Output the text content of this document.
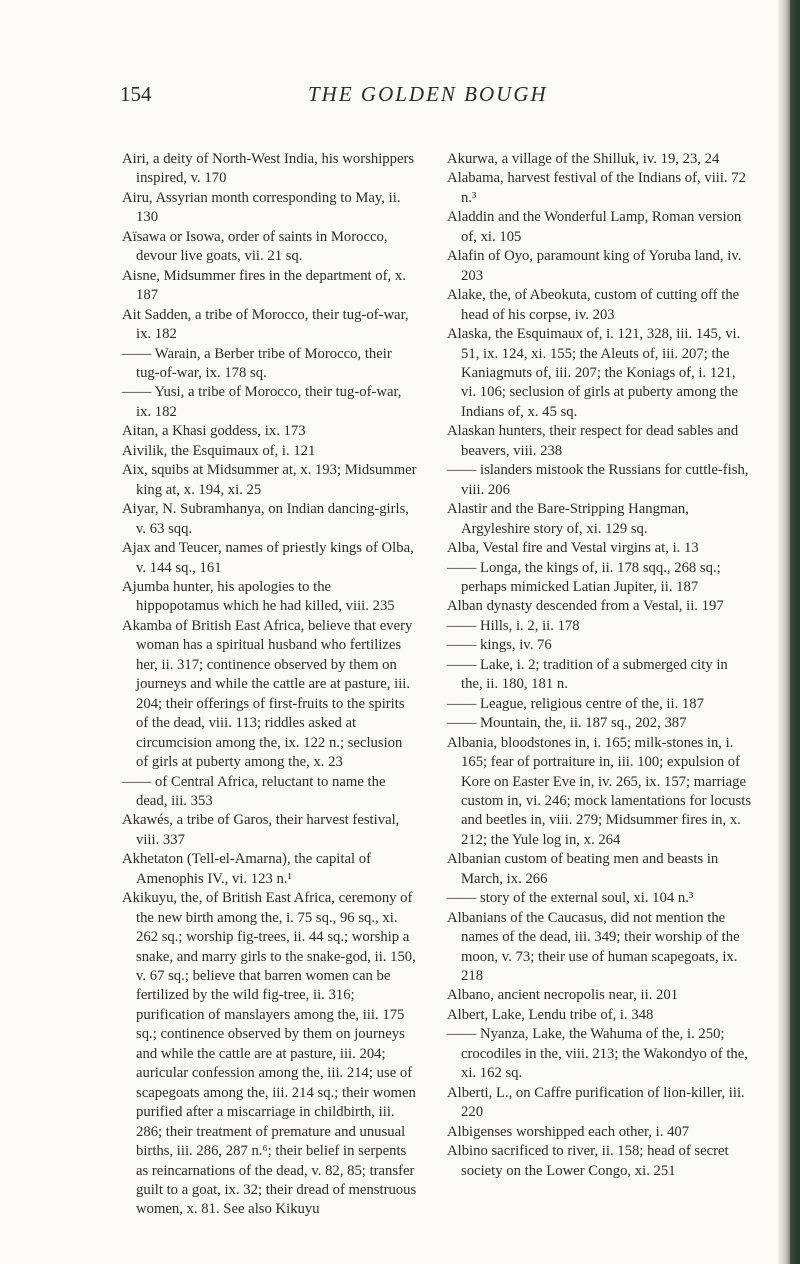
154	THE GOLDEN BOUGH

Airi, a deity of North-West India, his worshippers inspired, v. 170

Airu, Assyrian month corresponding to May, ii. 130

Aïsawa or Isowa, order of saints in Morocco, devour live goats, vii. 21 sq.

Aisne, Midsummer fires in the department of, x. 187

Ait Sadden, a tribe of Morocco, their tug-of-war, ix. 182

—— Warain, a Berber tribe of Morocco, their tug-of-war, ix. 178 sq.

—— Yusi, a tribe of Morocco, their tug-of-war, ix. 182

Aitan, a Khasi goddess, ix. 173

Aivilik, the Esquimaux of, i. 121

Aix, squibs at Midsummer at, x. 193; Midsummer king at, x. 194, xi. 25

Aiyar, N. Subramhanya, on Indian dancing-girls, v. 63 sqq.

Ajax and Teucer, names of priestly kings of Olba, v. 144 sq., 161

Ajumba hunter, his apologies to the hippopotamus which he had killed, viii. 235

Akamba of British East Africa, believe that every woman has a spiritual husband who fertilizes her, ii. 317; continence observed by them on journeys and while the cattle are at pasture, iii. 204; their offerings of first-fruits to the spirits of the dead, viii. 113; riddles asked at circumcision among the, ix. 122 n.; seclusion of girls at puberty among the, x. 23

—— of Central Africa, reluctant to name the dead, iii. 353

Akawés, a tribe of Garos, their harvest festival, viii. 337

Akhetaton (Tell-el-Amarna), the capital of Amenophis IV., vi. 123 n.¹

Akikuyu, the, of British East Africa, ceremony of the new birth among the, i. 75 sq., 96 sq., xi. 262 sq.; worship fig-trees, ii. 44 sq.; worship a snake, and marry girls to the snake-god, ii. 150, v. 67 sq.; believe that barren women can be fertilized by the wild fig-tree, ii. 316; purification of manslayers among the, iii. 175 sq.; continence observed by them on journeys and while the cattle are at pasture, iii. 204; auricular confession among the, iii. 214; use of scapegoats among the, iii. 214 sq.; their women purified after a miscarriage in childbirth, iii. 286; their treatment of premature and unusual births, iii. 286, 287 n.⁶; their belief in serpents as reincarnations of the dead, v. 82, 85; transfer guilt to a goat, ix. 32; their dread of menstruous women, x. 81. See also Kikuyu

Akurwa, a village of the Shilluk, iv. 19, 23, 24

Alabama, harvest festival of the Indians of, viii. 72 n.³

Aladdin and the Wonderful Lamp, Roman version of, xi. 105

Alafin of Oyo, paramount king of Yoruba land, iv. 203

Alake, the, of Abeokuta, custom of cutting off the head of his corpse, iv. 203

Alaska, the Esquimaux of, i. 121, 328, iii. 145, vi. 51, ix. 124, xi. 155; the Aleuts of, iii. 207; the Kaniagmuts of, iii. 207; the Koniags of, i. 121, vi. 106; seclusion of girls at puberty among the Indians of, x. 45 sq.

Alaskan hunters, their respect for dead sables and beavers, viii. 238

—— islanders mistook the Russians for cuttle-fish, viii. 206

Alastir and the Bare-Stripping Hangman, Argyleshire story of, xi. 129 sq.

Alba, Vestal fire and Vestal virgins at, i. 13

—— Longa, the kings of, ii. 178 sqq., 268 sq.; perhaps mimicked Latian Jupiter, ii. 187

Alban dynasty descended from a Vestal, ii. 197

—— Hills, i. 2, ii. 178

—— kings, iv. 76

—— Lake, i. 2; tradition of a submerged city in the, ii. 180, 181 n.

—— League, religious centre of the, ii. 187

—— Mountain, the, ii. 187 sq., 202, 387

Albania, bloodstones in, i. 165; milk-stones in, i. 165; fear of portraiture in, iii. 100; expulsion of Kore on Easter Eve in, iv. 265, ix. 157; marriage custom in, vi. 246; mock lamentations for locusts and beetles in, viii. 279; Midsummer fires in, x. 212; the Yule log in, x. 264

Albanian custom of beating men and beasts in March, ix. 266

—— story of the external soul, xi. 104 n.³

Albanians of the Caucasus, did not mention the names of the dead, iii. 349; their worship of the moon, v. 73; their use of human scapegoats, ix. 218

Albano, ancient necropolis near, ii. 201

Albert, Lake, Lendu tribe of, i. 348

—— Nyanza, Lake, the Wahuma of the, i. 250; crocodiles in the, viii. 213; the Wakondyo of the, xi. 162 sq.

Alberti, L., on Caffre purification of lion-killer, iii. 220

Albigenses worshipped each other, i. 407

Albino sacrificed to river, ii. 158; head of secret society on the Lower Congo, xi. 251
